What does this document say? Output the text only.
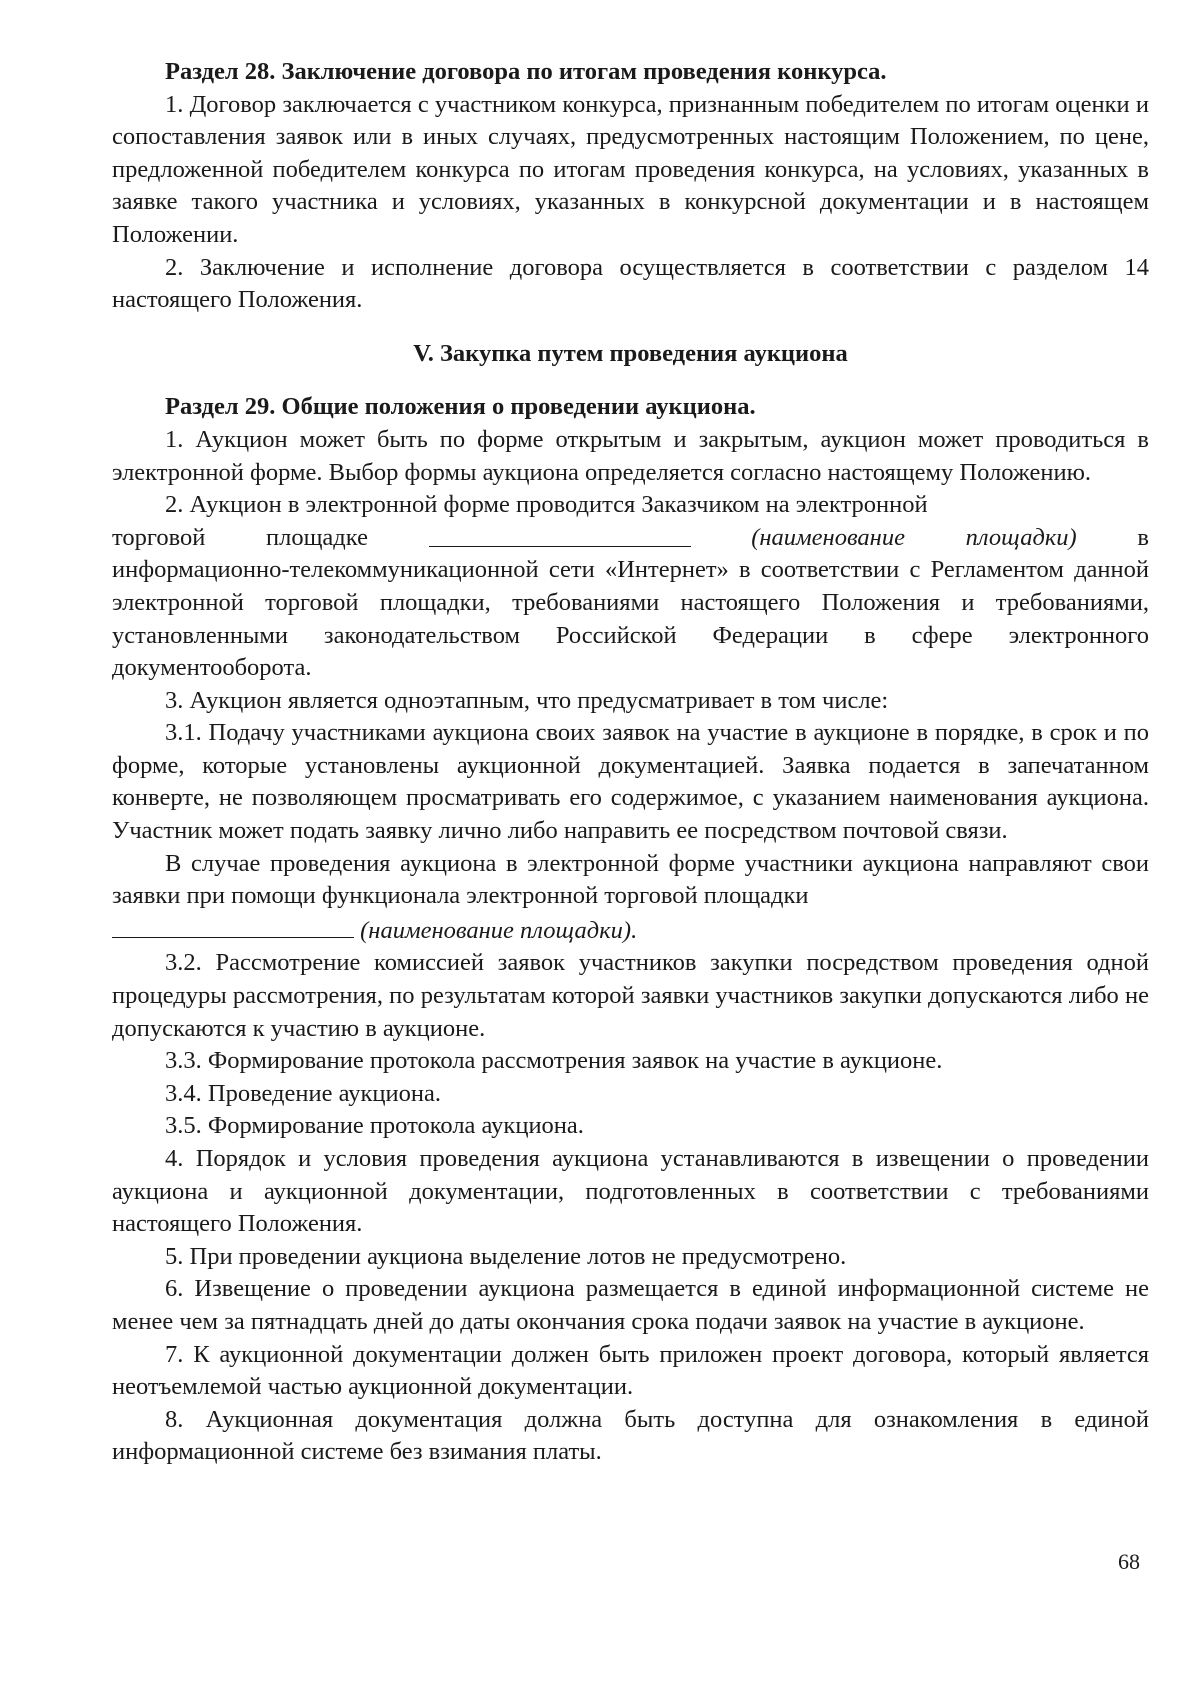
Раздел 28. Заключение договора по итогам проведения конкурса.

1. Договор заключается с участником конкурса, признанным победителем по итогам оценки и сопоставления заявок или в иных случаях, предусмотренных настоящим Положением, по цене, предложенной победителем конкурса по итогам проведения конкурса, на условиях, указанных в заявке такого участника и условиях, указанных в конкурсной документации и в настоящем Положении.

2. Заключение и исполнение договора осуществляется в соответствии с разделом 14 настоящего Положения.

V. Закупка путем проведения аукциона

Раздел 29. Общие положения о проведении аукциона.

1. Аукцион может быть по форме открытым и закрытым, аукцион может проводиться в электронной форме. Выбор формы аукциона определяется согласно настоящему Положению.

2. Аукцион в электронной форме проводится Заказчиком на электронной
торговой площадке	(наименование площадки) в

информационно-телекоммуникационной сети «Интернет» в соответствии с Регламентом данной электронной торговой площадки, требованиями настоящего Положения и требованиями, установленными законодательством Российской Федерации в сфере электронного документооборота.

3. Аукцион является одноэтапным, что предусматривает в том числе:

3.1. Подачу участниками аукциона своих заявок на участие в аукционе в порядке, в срок и по форме, которые установлены аукционной документацией. Заявка подается в запечатанном конверте, не позволяющем просматривать его содержимое, с указанием наименования аукциона. Участник может подать заявку лично либо направить ее посредством почтовой связи.

В случае проведения аукциона в электронной форме участники аукциона направляют свои заявки при помощи функционала электронной торговой площадки

(наименование площадки).

3.2. Рассмотрение комиссией заявок участников закупки посредством проведения одной процедуры рассмотрения, по результатам которой заявки участников закупки допускаются либо не допускаются к участию в аукционе.

3.3. Формирование протокола рассмотрения заявок на участие в аукционе.

3.4. Проведение аукциона.

3.5. Формирование протокола аукциона.

4. Порядок и условия проведения аукциона устанавливаются в извещении о проведении аукциона и аукционной документации, подготовленных в соответствии с требованиями настоящего Положения.

5. При проведении аукциона выделение лотов не предусмотрено.

6. Извещение о проведении аукциона размещается в единой информационной системе не менее чем за пятнадцать дней до даты окончания срока подачи заявок на участие в аукционе.

7. К аукционной документации должен быть приложен проект договора, который является неотъемлемой частью аукционной документации.

8. Аукционная документация должна быть доступна для ознакомления в единой информационной системе без взимания платы.

68
